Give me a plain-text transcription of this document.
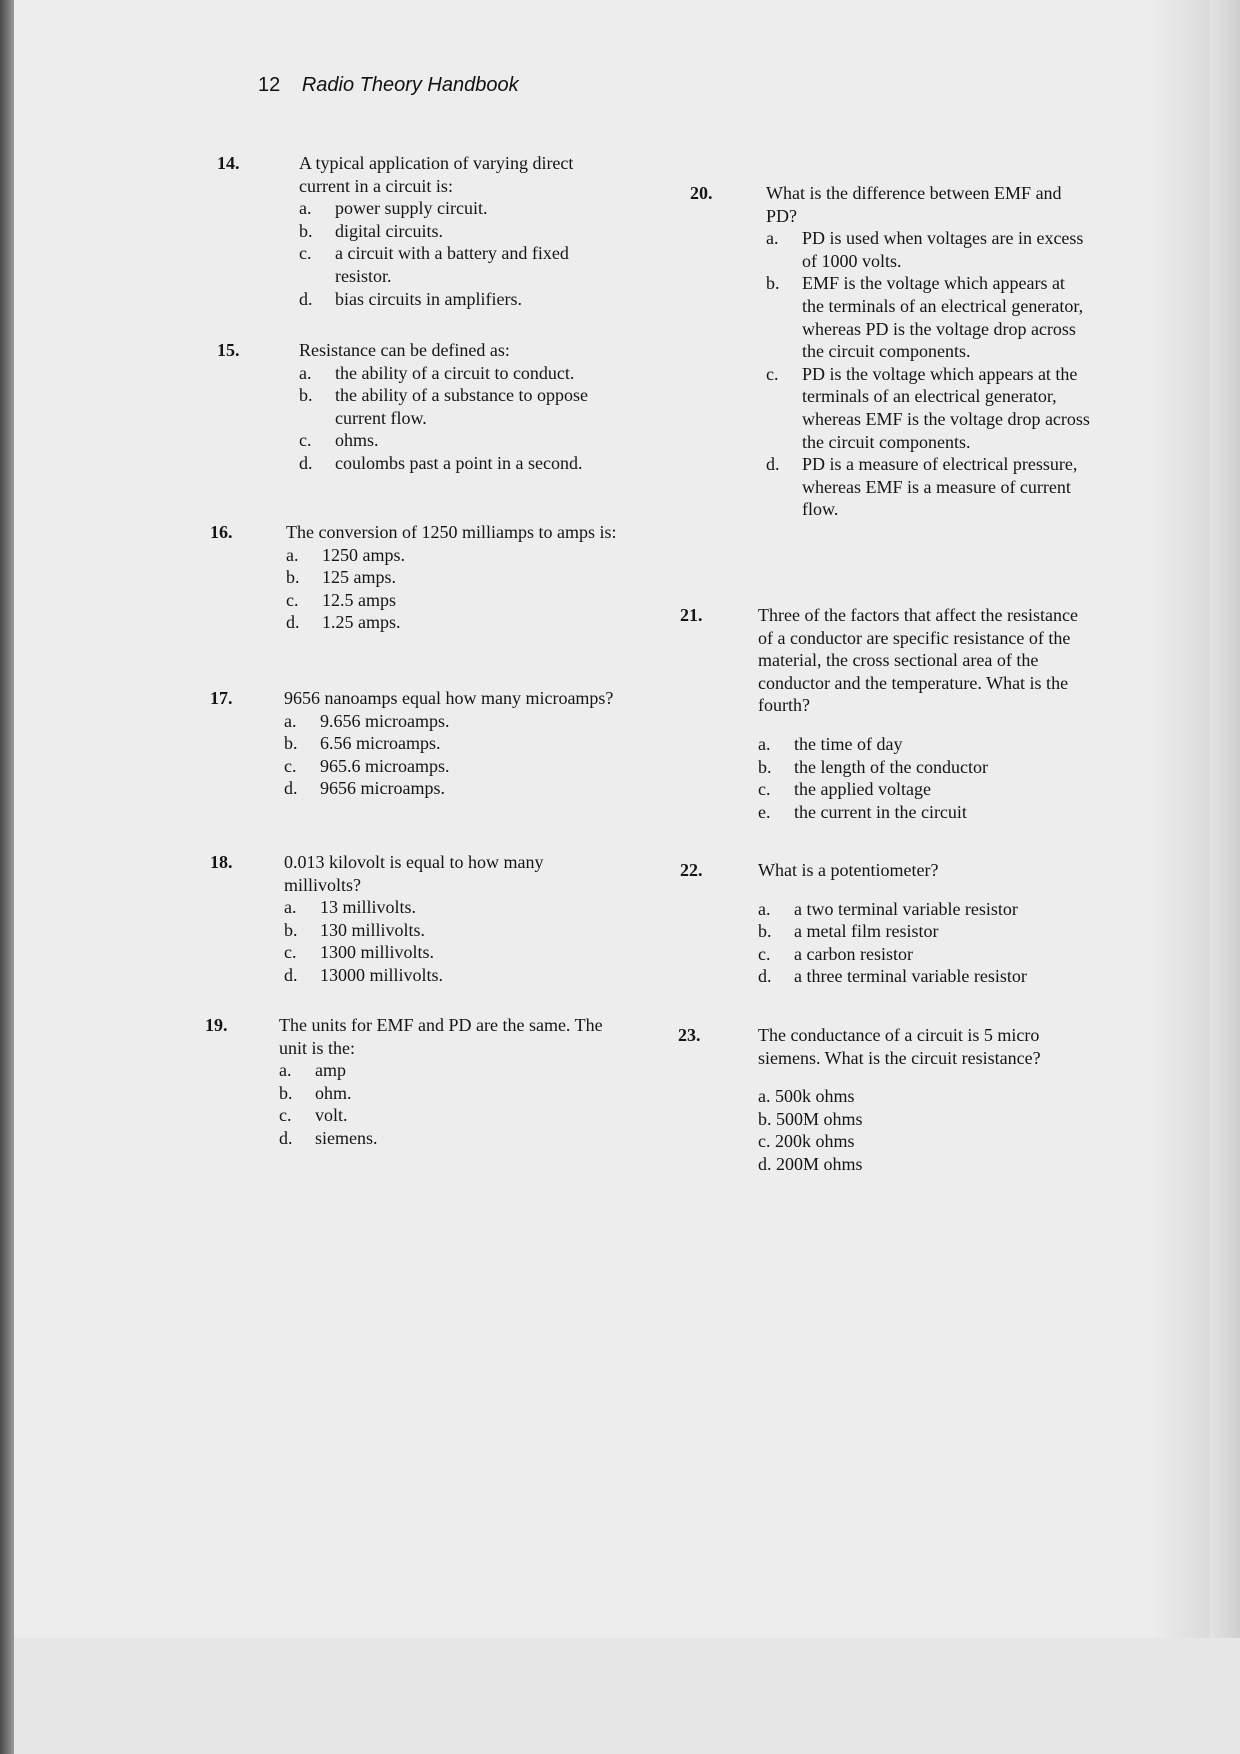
12 Radio Theory Handbook
14.	A typical application of varying direct current in a circuit is:
a.	power supply circuit.
b.	digital circuits.
c.	a circuit with a battery and fixed resistor.
d.	bias circuits in amplifiers.
15.	Resistance can be defined as:
a.	the ability of a circuit to conduct.
b.	the ability of a substance to oppose current flow.
c.	ohms.
d.	coulombs past a point in a second.
16.	The conversion of 1250 milliamps to amps is:
a.	1250 amps.
b.	125 amps.
c.	12.5 amps
d.	1.25 amps.
17.	9656 nanoamps equal how many microamps?
a.	9.656 microamps.
b.	6.56 microamps.
c.	965.6 microamps.
d.	9656 microamps.
18.	0.013 kilovolt is equal to how many millivolts?
a.	13 millivolts.
b.	130 millivolts.
c.	1300 millivolts.
d.	13000 millivolts.
19.	The units for EMF and PD are the same. The unit is the:
a.	amp
b.	ohm.
c.	volt.
d.	siemens.
20.	What is the difference between EMF and PD?
a.	PD is used when voltages are in excess of 1000 volts.
b.	EMF is the voltage which appears at the terminals of an electrical generator, whereas PD is the voltage drop across the circuit components.
c.	PD is the voltage which appears at the terminals of an electrical generator, whereas EMF is the voltage drop across the circuit components.
d.	PD is a measure of electrical pressure, whereas EMF is a measure of current flow.
21.	Three of the factors that affect the resistance of a conductor are specific resistance of the material, the cross sectional area of the conductor and the temperature. What is the fourth?
a.	the time of day
b.	the length of the conductor
c.	the applied voltage
e.	the current in the circuit
22.	What is a potentiometer?
a.	a two terminal variable resistor
b.	a metal film resistor
c.	a carbon resistor
d.	a three terminal variable resistor
23.	The conductance of a circuit is 5 micro siemens. What is the circuit resistance?
a. 500k ohms
b. 500M ohms
c. 200k ohms
d. 200M ohms
